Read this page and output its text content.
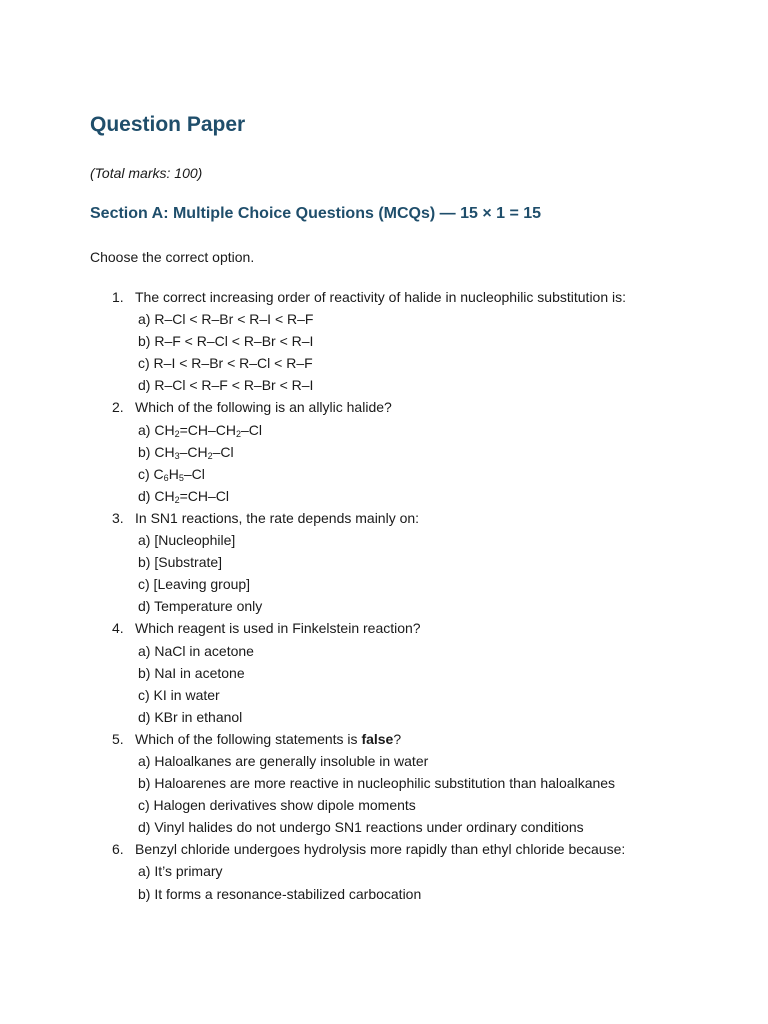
Question Paper
(Total marks: 100)
Section A: Multiple Choice Questions (MCQs) — 15 × 1 = 15
Choose the correct option.
1. The correct increasing order of reactivity of halide in nucleophilic substitution is:
a) R–Cl < R–Br < R–I < R–F
b) R–F < R–Cl < R–Br < R–I
c) R–I < R–Br < R–Cl < R–F
d) R–Cl < R–F < R–Br < R–I
2. Which of the following is an allylic halide?
a) $CH_2=CH-CH_2-Cl$
b) $CH_3-CH_2-Cl$
c) $C_6H_5-Cl$
d) $CH_2=CH-Cl$
3. In SN1 reactions, the rate depends mainly on:
a) [Nucleophile]
b) [Substrate]
c) [Leaving group]
d) Temperature only
4. Which reagent is used in Finkelstein reaction?
a) NaCl in acetone
b) NaI in acetone
c) KI in water
d) KBr in ethanol
5. Which of the following statements is false?
a) Haloalkanes are generally insoluble in water
b) Haloarenes are more reactive in nucleophilic substitution than haloalkanes
c) Halogen derivatives show dipole moments
d) Vinyl halides do not undergo SN1 reactions under ordinary conditions
6. Benzyl chloride undergoes hydrolysis more rapidly than ethyl chloride because:
a) It’s primary
b) It forms a resonance-stabilized carbocation
